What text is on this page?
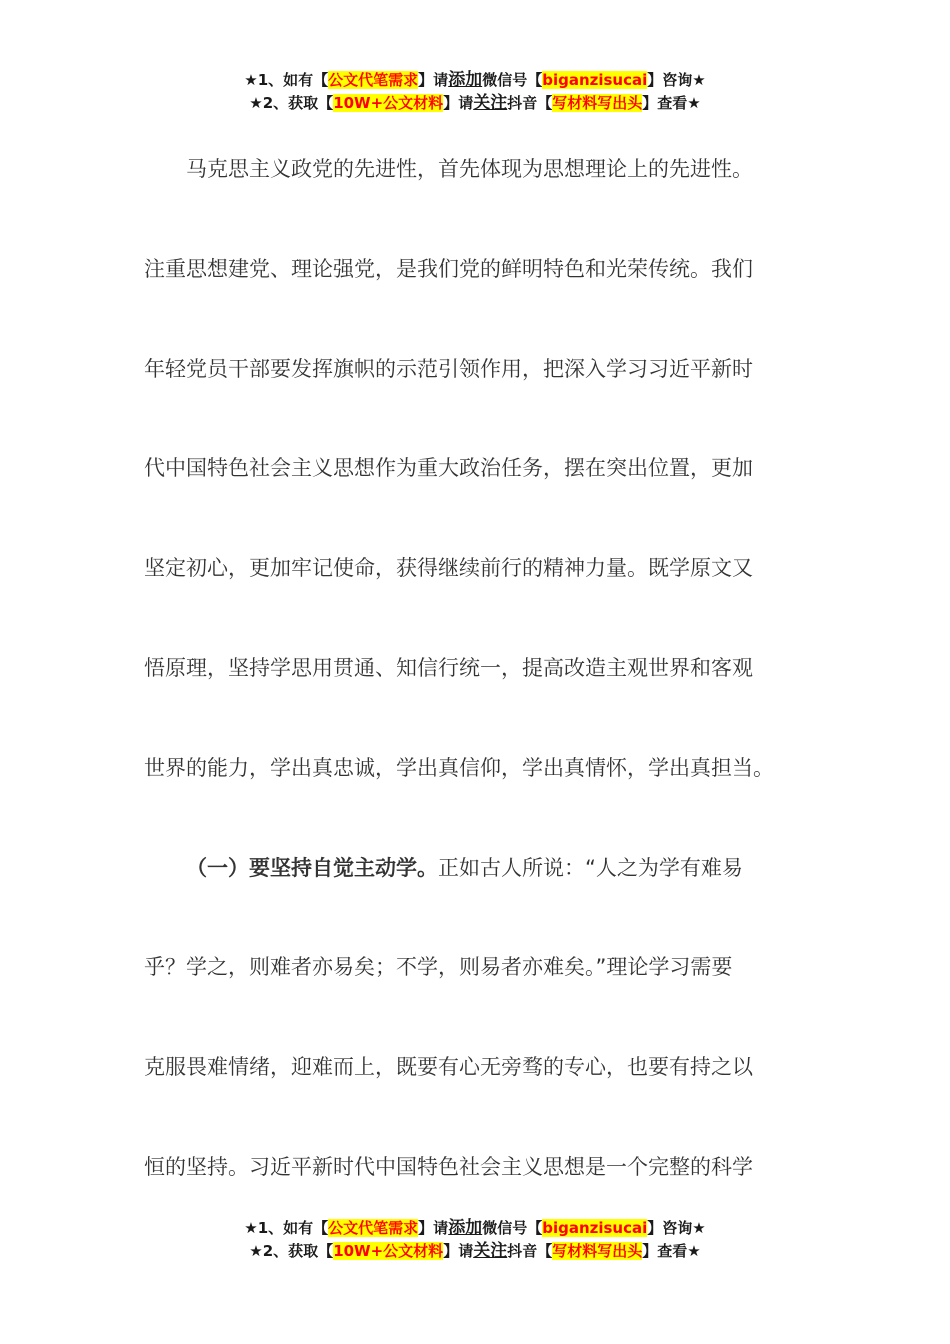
★1、如有【公文代笔需求】请添加微信号【biganzisucai】咨询★
★2、获取【10W+公文材料】请关注抖音【写材料写出头】查看★

马克思主义政党的先进性，首先体现为思想理论上的先进性。

注重思想建党、理论强党，是我们党的鲜明特色和光荣传统。我们
年轻党员干部要发挥旗帜的示范引领作用，把深入学习习近平新时
代中国特色社会主义思想作为重大政治任务，摆在突出位置，更加
坚定初心，更加牢记使命，获得继续前行的精神力量。既学原文又
悟原理，坚持学思用贯通、知信行统一，提高改造主观世界和客观
世界的能力，学出真忠诚，学出真信仰，学出真情怀，学出真担当。

（一）要坚持自觉主动学。正如古人所说：“人之为学有难易

乎？学之，则难者亦易矣；不学，则易者亦难矣。”理论学习需要
克服畏难情绪，迎难而上，既要有心无旁骛的专心，也要有持之以
恒的坚持。习近平新时代中国特色社会主义思想是一个完整的科学

★1、如有【公文代笔需求】请添加微信号【biganzisucai】咨询★
★2、获取【10W+公文材料】请关注抖音【写材料写出头】查看★
